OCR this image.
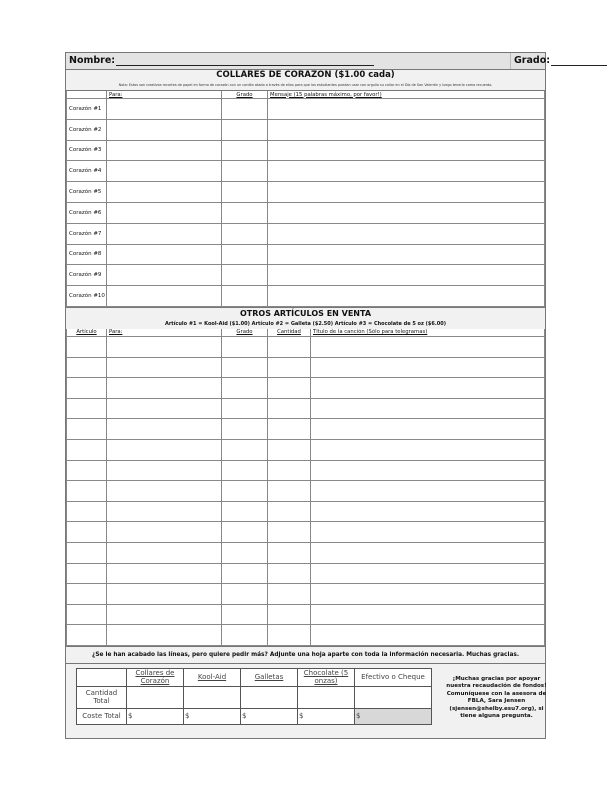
Nombre:	Grado:
COLLARES DE CORAZÓN ($1.00 cada)
Nota: Estos son creativos recortes de papel en forma de corazón con un cordón atado a través de ellos para que los estudiantes puedan usar con orgullo su collar en el Día de San Valentín y luego tenerlo como recuerdo.
	Para:	Grado	Mensaje (15 palabras máximo, por favor!)
Corazón #1			
Corazón #2			
Corazón #3			
Corazón #4			
Corazón #5			
Corazón #6			
Corazón #7			
Corazón #8			
Corazón #9			
Corazón #10			
OTROS ARTÍCULOS EN VENTA
Artículo #1 = Kool-Aid ($1.00) Artículo #2 = Galleta ($2.50) Artículo #3 = Chocolate de 5 oz ($6.00)
Artículo	Para:	Grado	Cantidad	Título de la canción (Sólo para telegramas)

¿Se le han acabado las líneas, pero quiere pedir más? Adjunte una hoja aparte con toda la información necesaria. Muchas gracias.
	Collares de Corazón	Kool-Aid	Galletas	Chocolate (5 onzas)	Efectivo o Cheque
Cantidad Total					
Coste Total	$	$	$	$	$
¡Muchas gracias por apoyar nuestra recaudación de fondos! Comuníquese con la asesora de FBLA, Sara Jensen (sjensen@shelby.esu7.org), si tiene alguna pregunta.
